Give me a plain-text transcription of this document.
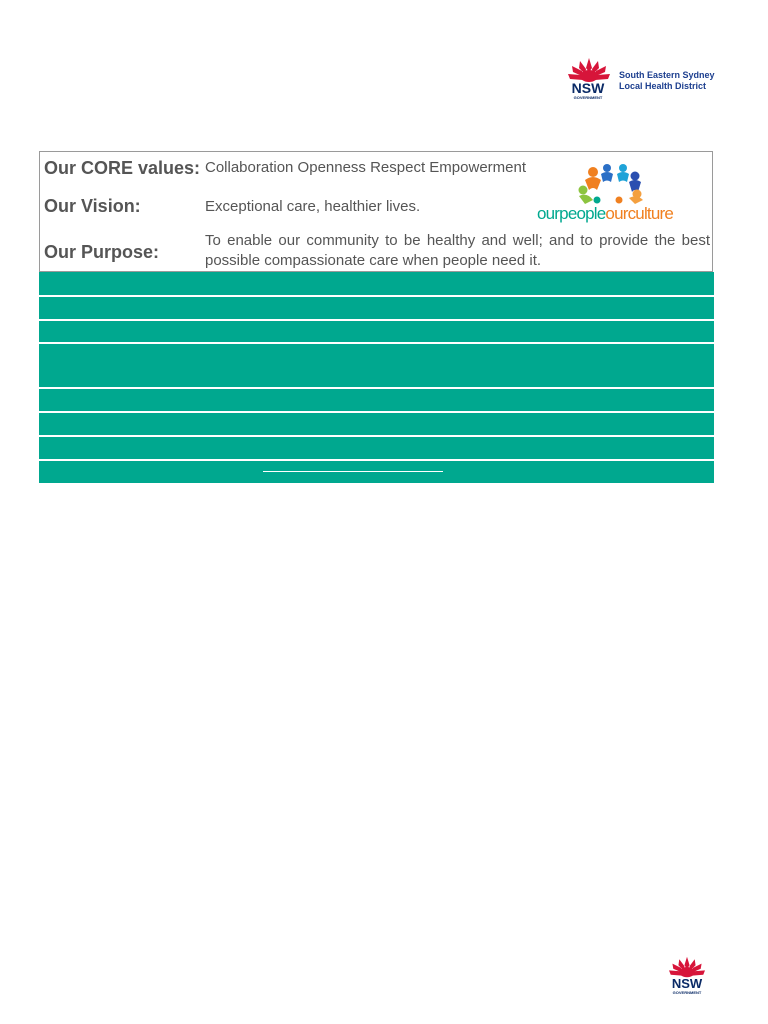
NSW
GOVERNMENT
South Eastern Sydney
Local Health District
Our CORE values: Collaboration Openness Respect Empowerment
Our Vision:	Exceptional care, healthier lives.
Our Purpose:
To enable our community to be healthy and well; and to provide the best possible compassionate care when people need it.
ourpeopleourculture
NSW
GOVERNMENT
